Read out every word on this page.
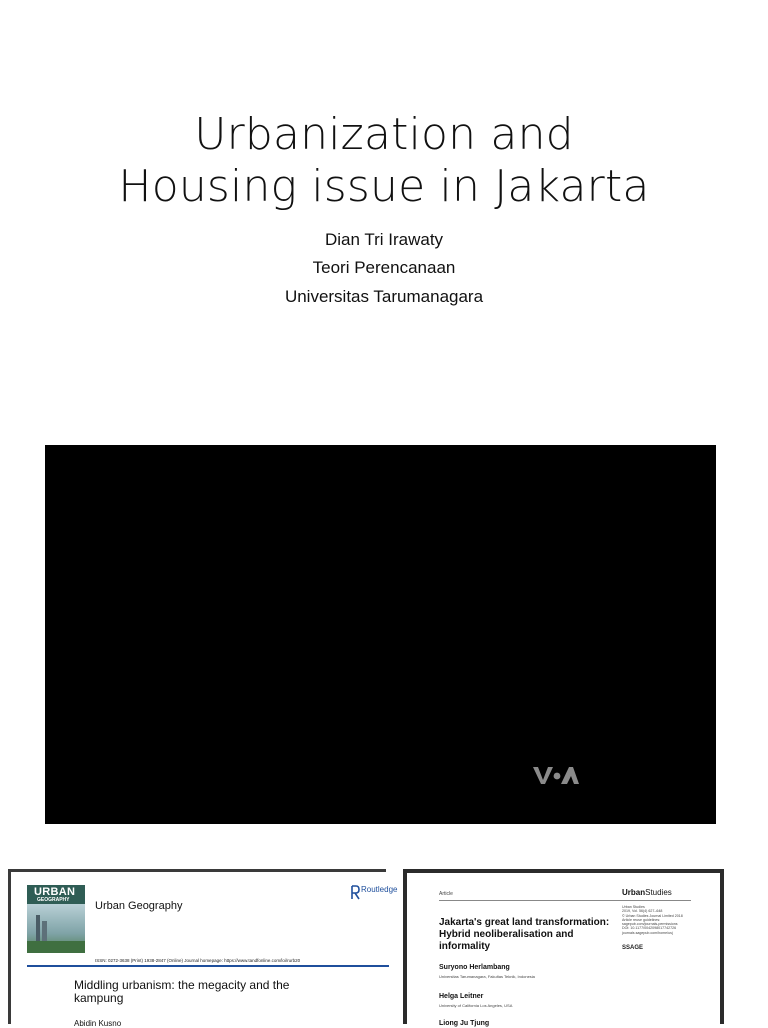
Urbanization and
Housing issue in Jakarta
Dian Tri Irawaty
Teori Perencanaan
Universitas Tarumanagara
URBAN
GEOGRAPHY Urban Geography
Routledge
ISSN: 0272-3638 (Print) 1938-2847 (Online) Journal homepage: https://www.tandfonline.com/loi/rurb20
Middling urbanism: the megacity and the kampung
Abidin Kusno
Article	UrbanStudies
Jakarta's great land transformation: Hybrid neoliberalisation and informality
Urban Studies
2019, Vol. 56(4) 627–648
© Urban Studies Journal Limited 2018
Article reuse guidelines:
sagepub.com/journals-permissions
DOI: 10.1177/0042098017742726
journals.sagepub.com/home/usj
SSAGE
Suryono Herlambang
Universitas Tarumanagara, Fakultas Teknik, Indonesia
Helga Leitner
University of California Los Angeles, USA
Liong Ju Tjung
